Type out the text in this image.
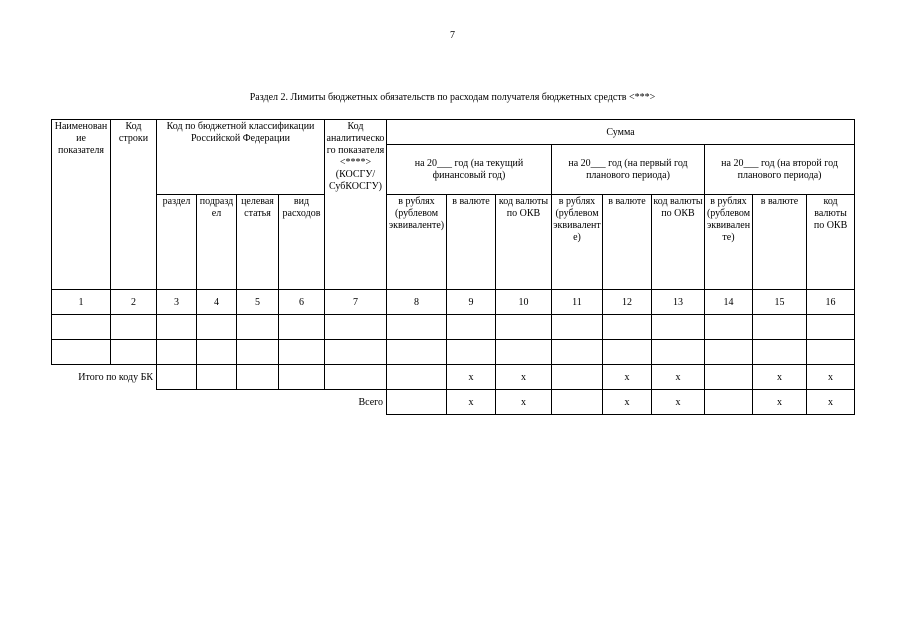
7
Раздел 2. Лимиты бюджетных обязательств по расходам получателя бюджетных средств <***>
Наименование показателя	Код строки	Код по бюджетной классификации Российской Федерации				Код аналитического показателя <****> (КОСГУ/ СубКОСГУ)	Сумма								
							на 20___ год (на текущий финансовый год)			на 20___ год (на первый год планового периода)			на 20___ год (на второй год планового периода)		
		раздел	подраздел	целевая статья	вид расходов		в рублях (рублевом эквиваленте)	в валюте	код валюты по ОКВ	в рублях (рублевом эквиваленте)	в валюте	код валюты по ОКВ	в рублях (рублевом эквиваленте)	в валюте	код валюты по ОКВ
1	2	3	4	5	6	7	8	9	10	11	12	13	14	15	16

Итого по коду БК								x	x		x	x		x	x
Всего								x	x		x	x		x	x
